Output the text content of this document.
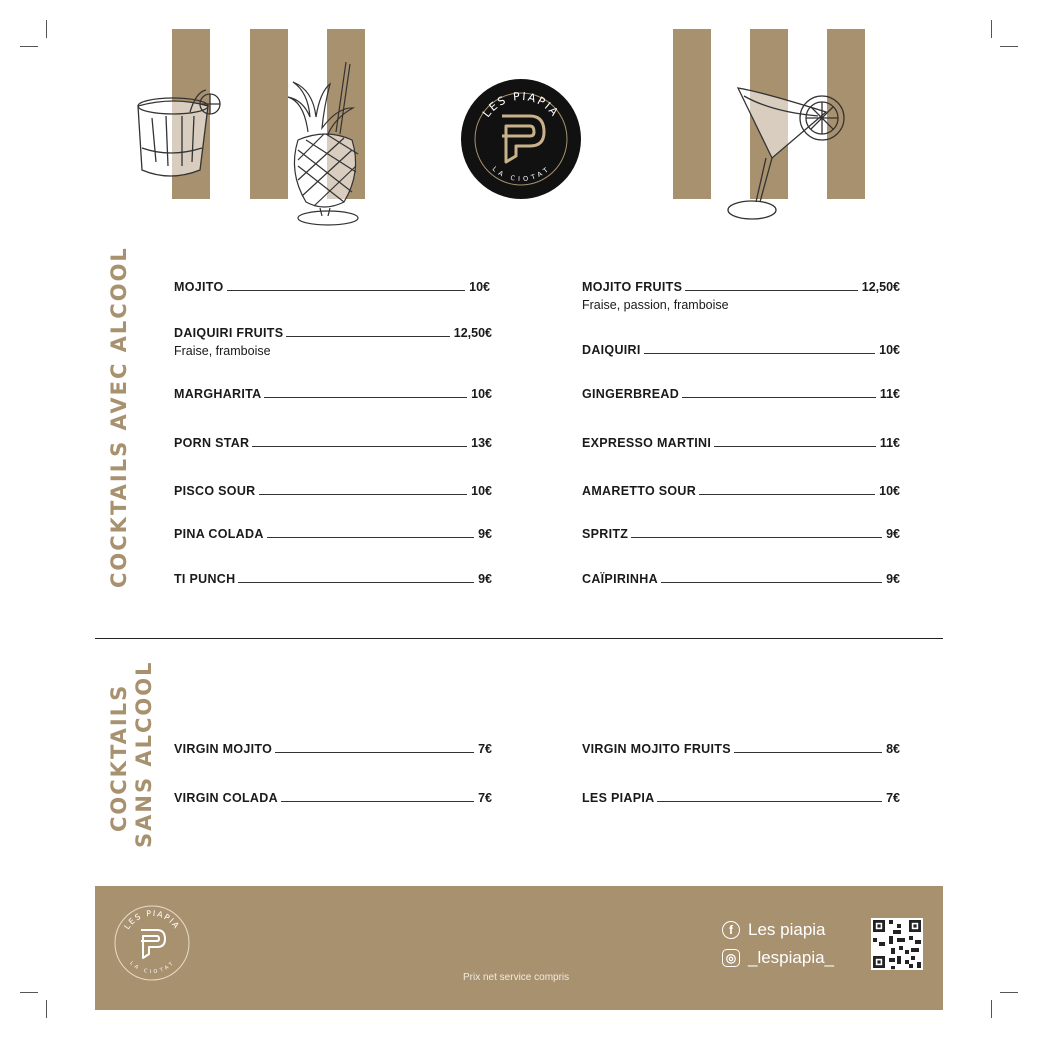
LES PIAPIA
LA CIOTAT
COCKTAILS AVEC ALCOOL
COCKTAILS SANS ALCOOL
MOJITO	10€
DAIQUIRI FRUITS	12,50€
Fraise, framboise
MARGHARITA	10€
PORN STAR	13€
PISCO SOUR	10€
PINA COLADA	9€
TI PUNCH	9€
MOJITO FRUITS	12,50€
Fraise, passion, framboise
DAIQUIRI	10€
GINGERBREAD	11€
EXPRESSO MARTINI	11€
AMARETTO SOUR	10€
SPRITZ	9€
CAÏPIRINHA	9€
VIRGIN MOJITO	7€
VIRGIN COLADA	7€
VIRGIN MOJITO FRUITS	8€
LES PIAPIA	7€
LES PIAPIA
LA CIOTAT
Prix net service compris
f Les piapia
◎ _lespiapia_
